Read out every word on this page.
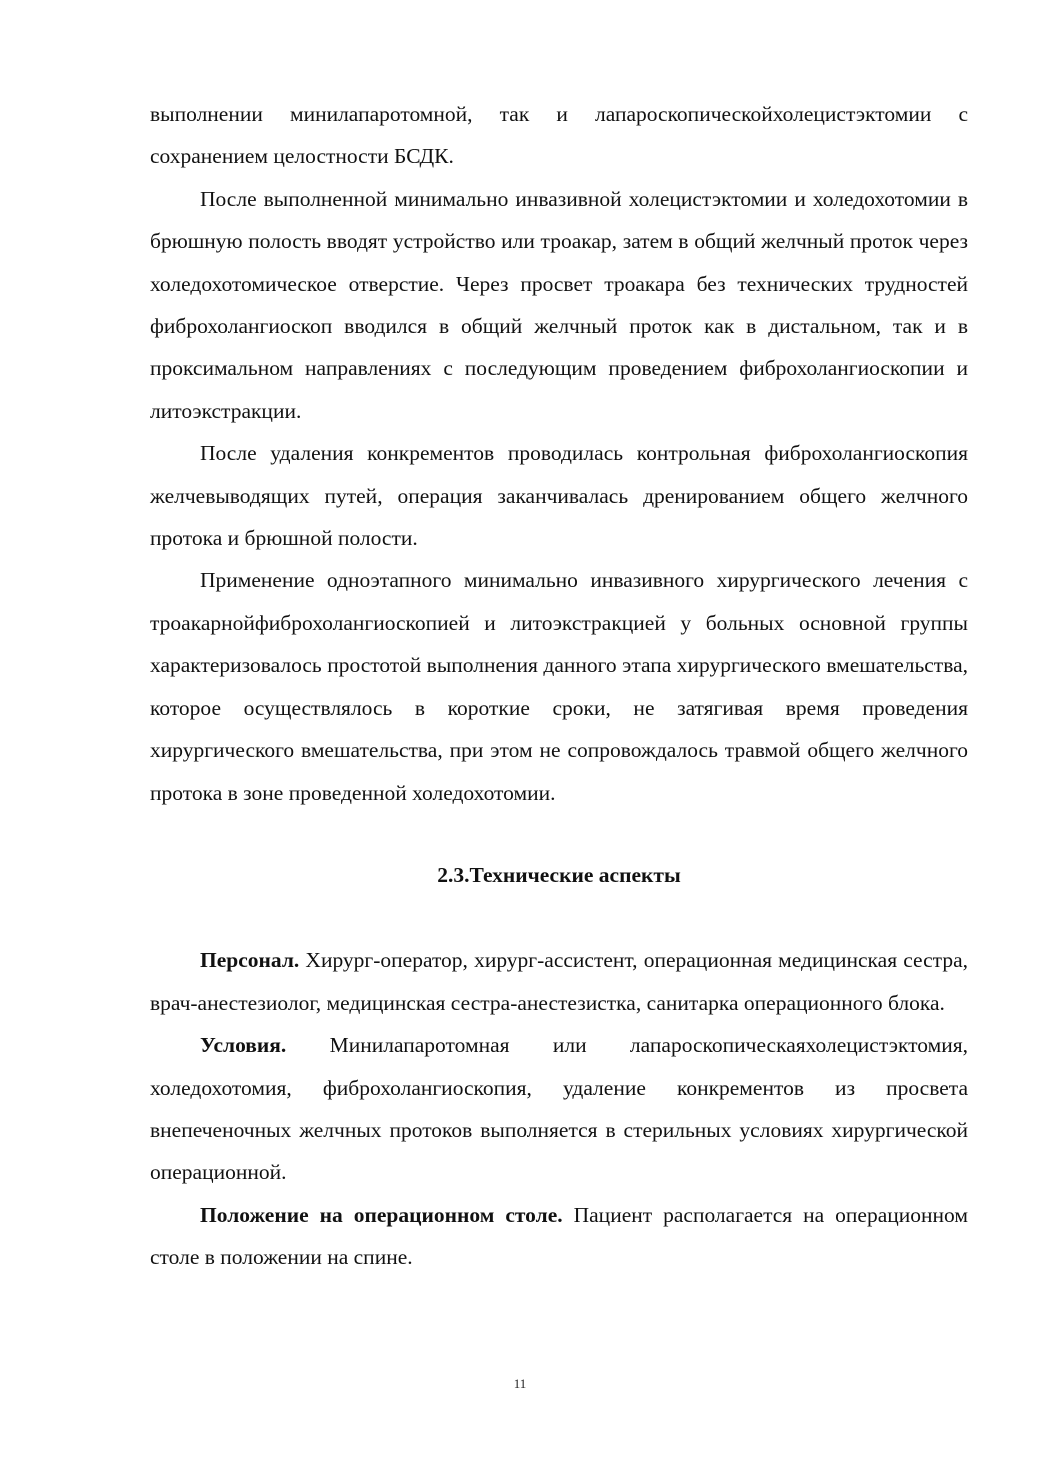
выполнении минилапаротомной, так и лапароскопическойхолецистэктомии с сохранением целостности БСДК.

После выполненной минимально инвазивной холецистэктомии и холедохотомии в брюшную полость вводят устройство или троакар, затем в общий желчный проток через холедохотомическое отверстие. Через просвет троакара без технических трудностей фиброхолангиоскоп вводился в общий желчный проток как в дистальном, так и в проксимальном направлениях с последующим проведением фиброхолангиоскопии и литоэкстракции.

После удаления конкрементов проводилась контрольная фиброхолангиоскопия желчевыводящих путей, операция заканчивалась дренированием общего желчного протока и брюшной полости.

Применение одноэтапного минимально инвазивного хирургического лечения с троакарнойфиброхолангиоскопией и литоэкстракцией у больных основной группы характеризовалось простотой выполнения данного этапа хирургического вмешательства, которое осуществлялось в короткие сроки, не затягивая время проведения хирургического вмешательства, при этом не сопровождалось травмой общего желчного протока в зоне проведенной холедохотомии.

2.3.Технические аспекты

Персонал. Хирург-оператор, хирург-ассистент, операционная медицинская сестра, врач-анестезиолог, медицинская сестра-анестезистка, санитарка операционного блока.

Условия. Минилапаротомная или лапароскопическаяхолецистэктомия, холедохотомия, фиброхолангиоскопия, удаление конкрементов из просвета внепеченочных желчных протоков выполняется в стерильных условиях хирургической операционной.

Положение на операционном столе. Пациент располагается на операционном столе в положении на спине.

11
